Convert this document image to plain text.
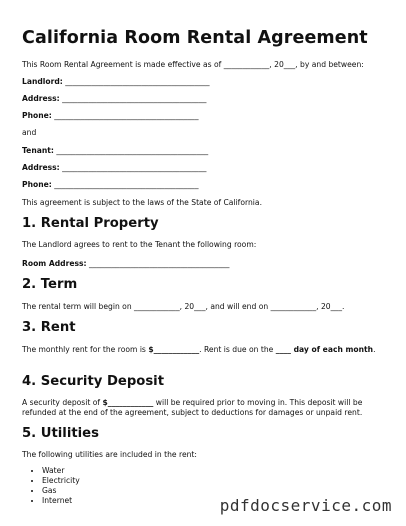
California Room Rental Agreement
This Room Rental Agreement is made effective as of ____________, 20___, by and between:
Landlord: ______________________________________
Address: ______________________________________
Phone: ______________________________________
and
Tenant: ________________________________________
Address: ______________________________________
Phone: ______________________________________
This agreement is subject to the laws of the State of California.
1. Rental Property
The Landlord agrees to rent to the Tenant the following room:
Room Address: _____________________________________
2. Term
The rental term will begin on ____________, 20___, and will end on ____________, 20___.
3. Rent
The monthly rent for the room is $____________. Rent is due on the ____ day of each month.
4. Security Deposit
A security deposit of $____________ will be required prior to moving in. This deposit will be refunded at the end of the agreement, subject to deductions for damages or unpaid rent.
5. Utilities
The following utilities are included in the rent:
• Water
• Electricity
• Gas
• Internet	pdfdocservice.com
